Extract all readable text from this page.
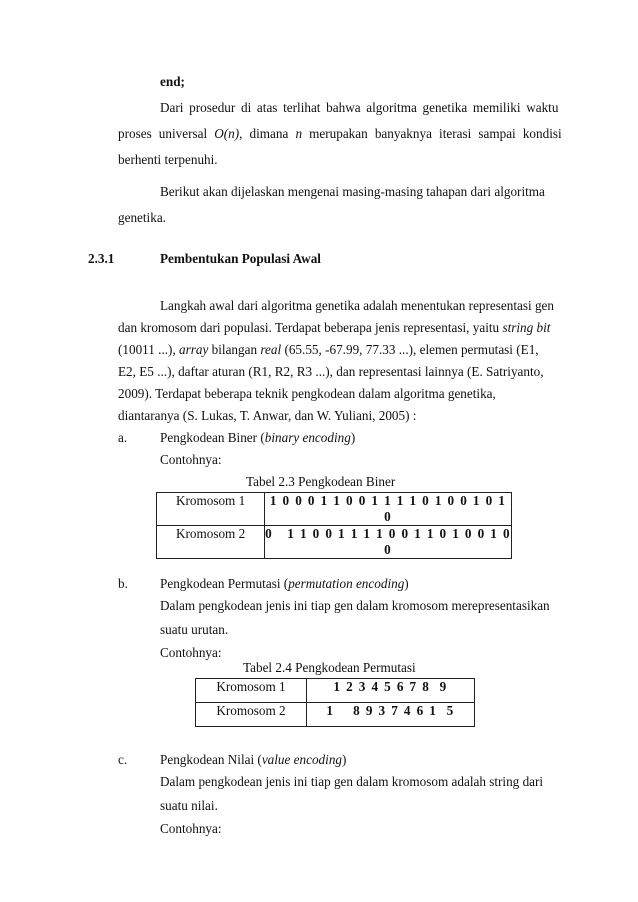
end;
Dari prosedur di atas terlihat bahwa algoritma genetika memiliki waktu
proses universal O(n), dimana n merupakan banyaknya iterasi sampai kondisi
berhenti terpenuhi.
Berikut akan dijelaskan mengenai masing-masing tahapan dari algoritma
genetika.
2.3.1	Pembentukan Populasi Awal
Langkah awal dari algoritma genetika adalah menentukan representasi gen
dan kromosom dari populasi. Terdapat beberapa jenis representasi, yaitu string bit
(10011 ...), array bilangan real (65.55, -67.99, 77.33 ...), elemen permutasi (E1,
E2, E5 ...), daftar aturan (R1, R2, R3 ...), dan representasi lainnya (E. Satriyanto,
2009). Terdapat beberapa teknik pengkodean dalam algoritma genetika,
diantaranya (S. Lukas, T. Anwar, dan W. Yuliani, 2005) :
a. Pengkodean Biner (binary encoding)
Contohnya:
Tabel 2.3 Pengkodean Biner
Kromosom 1	1 0 0 0 1 1 0 0 1 1 1 1 0 1 0 0 1 0 1 0
Kromosom 2	0   1 1 0 0 1 1 1 1 0 0 1 1 0 1 0 0 1 0
0
b. Pengkodean Permutasi (permutation encoding)
Dalam pengkodean jenis ini tiap gen dalam kromosom merepresentasikan
suatu urutan.
Contohnya:
Tabel 2.4 Pengkodean Permutasi
Kromosom 1	1 2 3 4 5 6 7 8  9
Kromosom 2	1    8 9 3 7 4 6 1  5
c. Pengkodean Nilai (value encoding)
Dalam pengkodean jenis ini tiap gen dalam kromosom adalah string dari
suatu nilai.
Contohnya:
